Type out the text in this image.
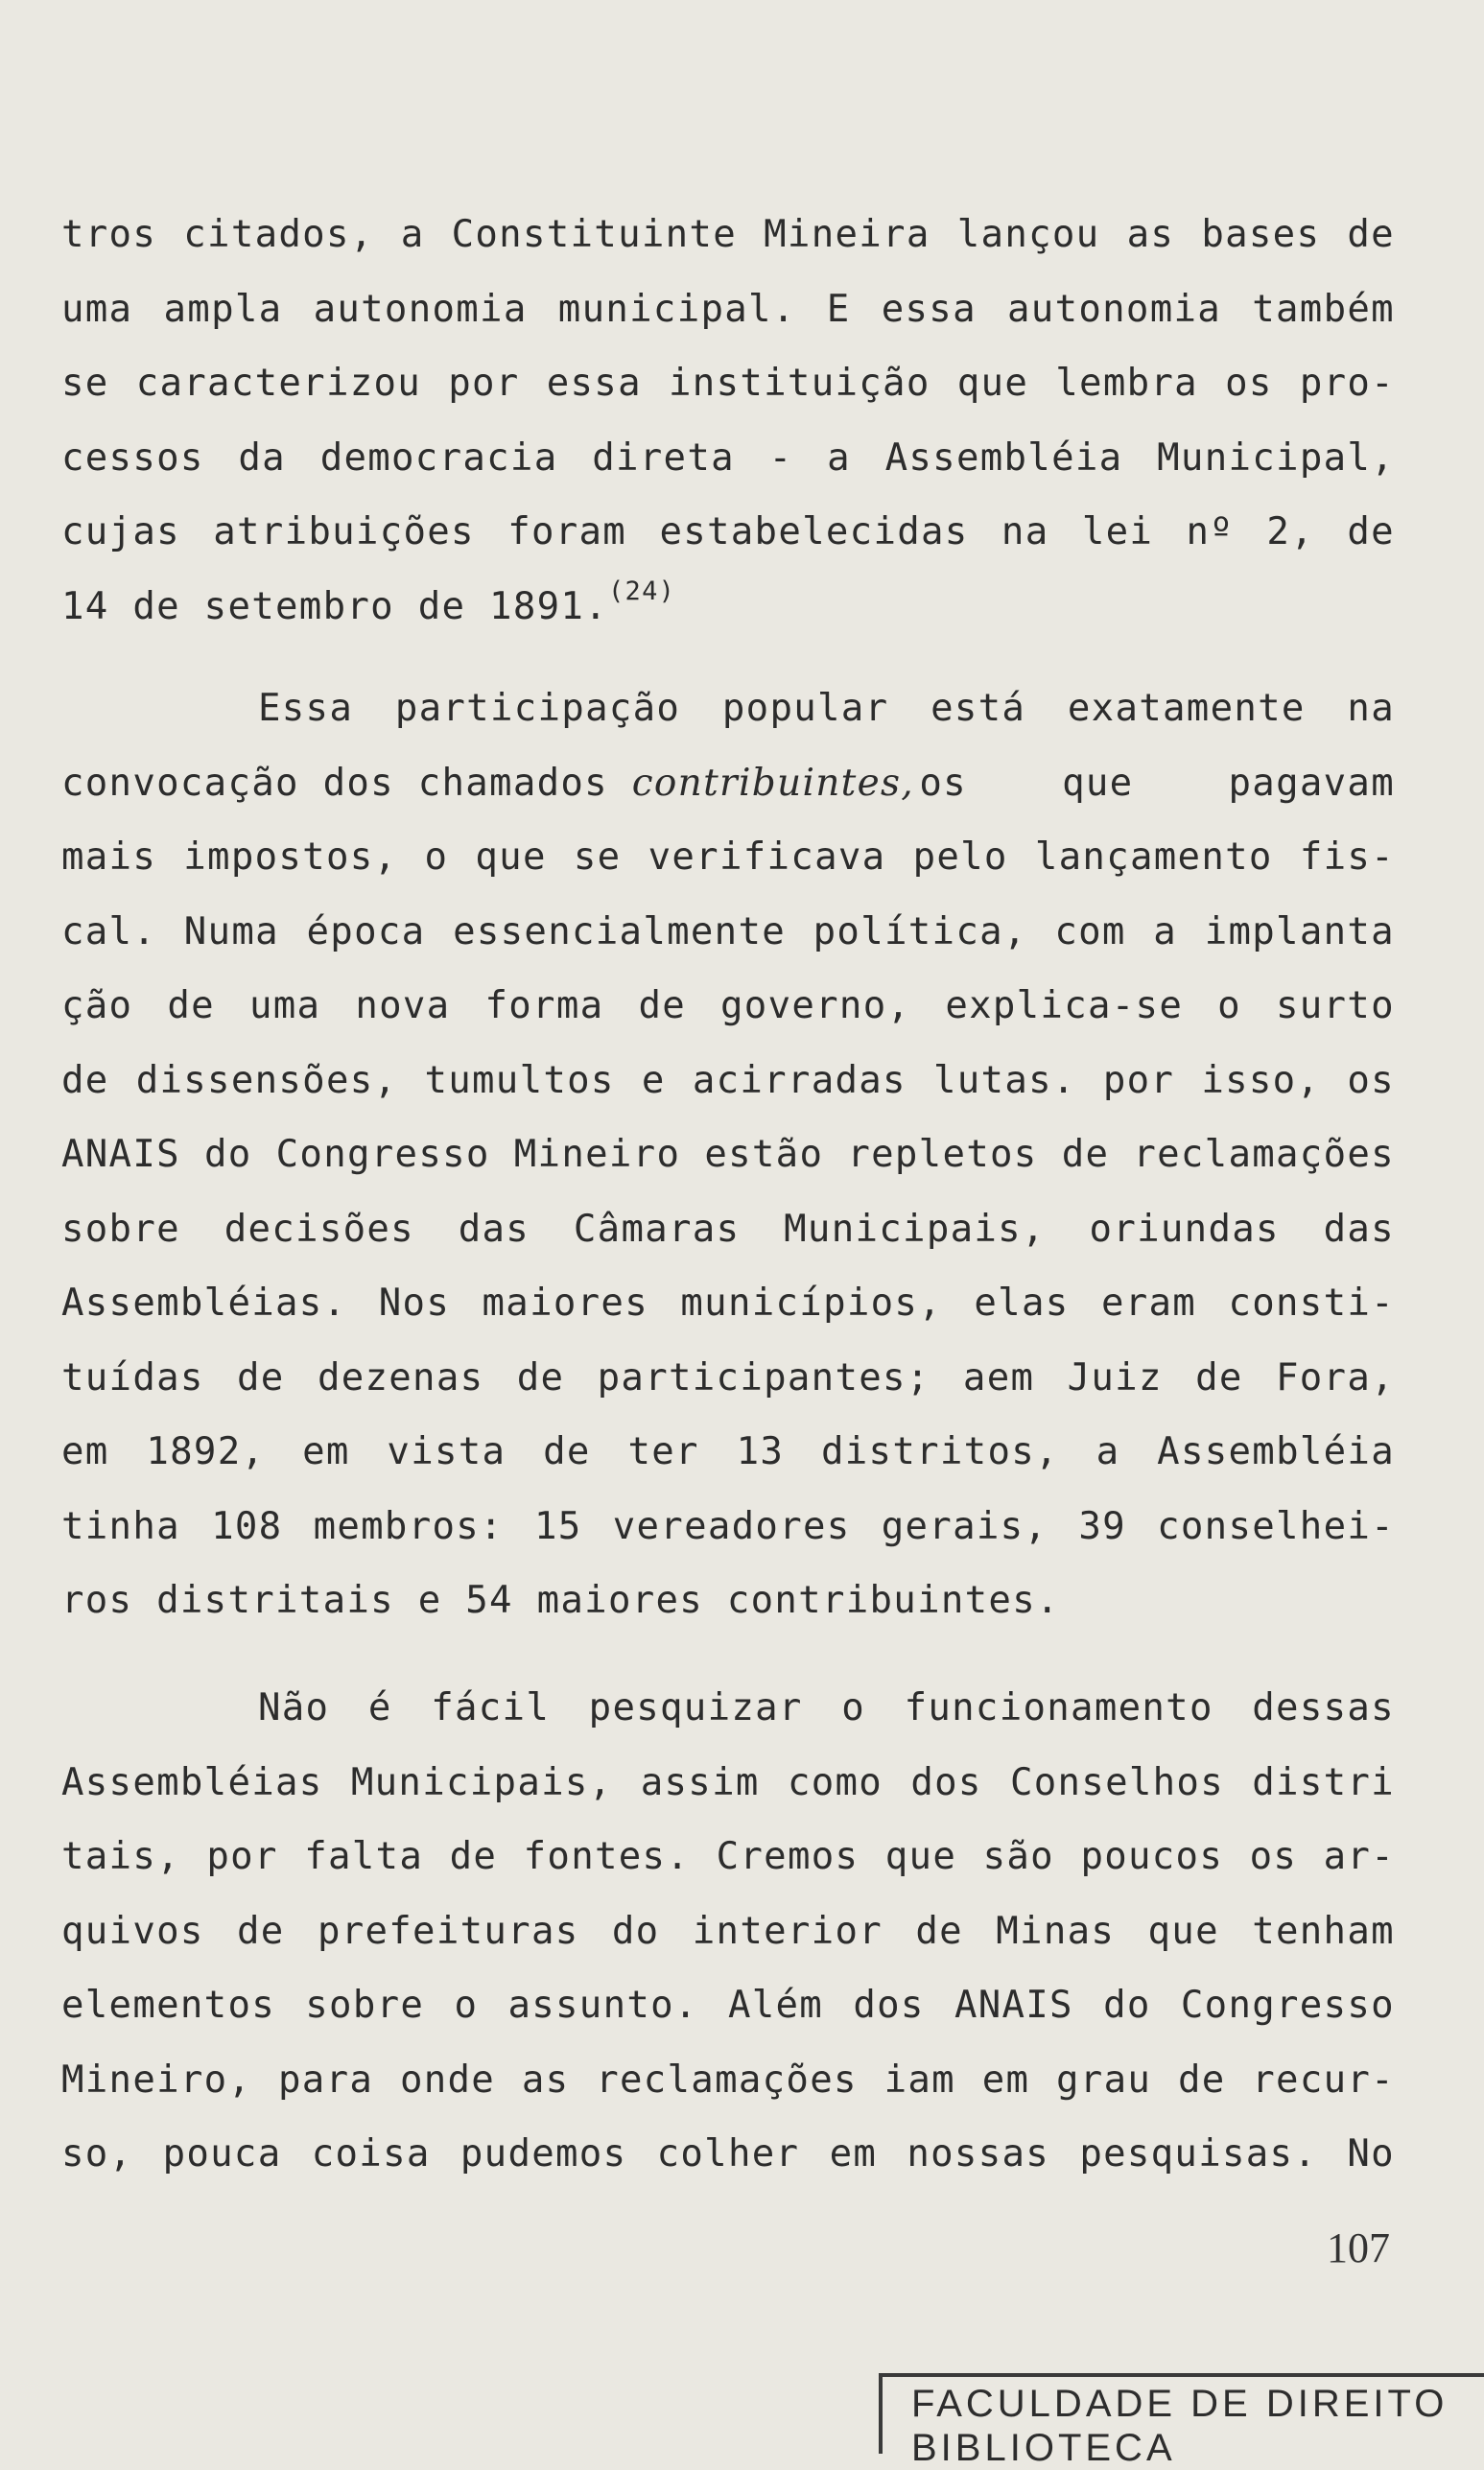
tros citados, a Constituinte Mineira lançou as bases de
uma ampla autonomia municipal. E essa autonomia também
se caracterizou por essa instituição que lembra os pro-
cessos da democracia direta - a Assembléia Municipal,
cujas atribuições foram estabelecidas na lei nº 2, de
14 de setembro de 1891.$^{(24)}$
Essa participação popular está exatamente na
convocação dos chamados contribuintes, os    que    pagavam
mais impostos, o que se verificava pelo lançamento fis-
cal. Numa época essencialmente política, com a implanta
ção de uma nova forma de governo, explica-se o surto
de dissensões, tumultos e acirradas lutas. por isso, os
ANAIS do Congresso Mineiro estão repletos de reclamações
sobre decisões das Câmaras Municipais, oriundas das
Assembléias. Nos maiores municípios, elas eram consti-
tuídas de dezenas de participantes; aem Juiz de Fora,
em 1892, em vista de ter 13 distritos, a Assembléia
tinha 108 membros: 15 vereadores gerais, 39 conselhei-
ros distritais e 54 maiores contribuintes.
Não é fácil pesquizar o funcionamento dessas
Assembléias Municipais, assim como dos Conselhos distri
tais, por falta de fontes. Cremos que são poucos os ar-
quivos de prefeituras do interior de Minas que tenham
elementos sobre o assunto. Além dos ANAIS do Congresso
Mineiro, para onde as reclamações iam em grau de recur-
so, pouca coisa pudemos colher em nossas pesquisas. No
107
FACULDADE DE DIREITO
BIBLIOTECA
